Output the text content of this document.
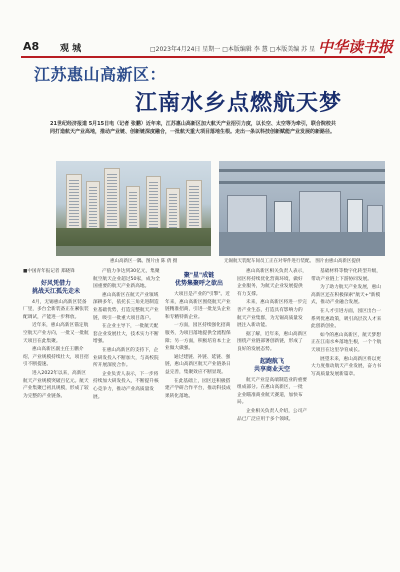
A8 观 城	□2023年4月24日 星期一 □本版编辑 李 慧 □本版美编 苏 星 中华读书报
江苏惠山高新区：
江南水乡点燃航天梦
21世纪经济报道 5月15日电（记者 张鹏）近年来，江苏惠山高新区加大航天产业招引力度，以长空、太空等为牵引，联合院校共同打造航天产业高地，推动产业链、创新链深度融合，一批航天重大项目落地生根。走出一条以科技创新赋能产业发展的新路径。
惠山高新区一隅。图片由 陈 倩 摄	无锡航天装配车间员工正在对零件进行装配。 图片由惠山高新区提供
■中国青年报记者 郑晓锋
好风凭借力
挑战天江孤先走未

4月，无锡惠山高新区装备厂里，多台全新装备正在紧张装配调试，产能进一步释放。

近年来，惠山高新区锚定航空航天产业方向，一批又一批航天项目在此集聚。

惠山高新区副主任王鹏介绍，产业规模持续壮大，项目招引不断提速。

进入2022年以来，高新区航天产业规模突破百亿元。航天产业集聚已初具规模，形成了较为完整的产业链条。

产值力争达到30亿元，集聚航空航天企业超过50家，成为全国重要的航天产业新高地。

惠山高新区在航天产业领域深耕多年，依托长三角先进制造业基础优势，打造完整航天产业链，吸引一批重大项目落户。

在企业主导下，一批航天配套企业发展壮大，技术实力不断增强。

在惠山高新区的支持下，企业研发投入不断加大，与高校院所开展深度合作。

企业负责人表示，下一步将持续加大研发投入，不断提升核心竞争力，推动产业高质量发展。

聚"星"成链
优势集聚呼之欲出

大项目是产业的"引擎"。近年来，惠山高新区围绕航天产业链精准招商，引进一批龙头企业和专精特新企业。

一方面，园区持续强化招商服务，为项目落地提供全流程保障；另一方面，积极培育本土企业做大做强。

通过建链、补链、延链、强链，惠山高新区航天产业链条日益完善，集聚效应不断显现。

在此基础上，园区还积极搭建产学研合作平台，推动科技成果转化落地。

惠山高新区相关负责人表示，园区将持续优化营商环境，做好企业服务，为航天企业发展提供有力支撑。

未来，惠山高新区将进一步完善产业生态，打造具有影响力的航天产业集群，为无锡高质量发展注入新动能。

据了解，近年来，惠山高新区围绕产业链部署创新链，形成了良好的发展态势。

起跑航飞
共享商业天空

航天产业是高端制造业的重要组成部分。在惠山高新区，一批企业瞄准商业航天赛道，加快布局。

企业相关负责人介绍，公司产品已广泛应用于多个领域。

基础材料等数字化转型升级，带动产业链上下游协同发展。

为了助力航天产业发展，惠山高新区还在积极探索"航天+"新模式，推动产业融合发展。

在人才引进方面，园区出台一系列优惠政策，吸引高层次人才来此创新创业。

如今的惠山高新区，航天梦想正在江南水乡落地生根，一个个航天项目在这里孕育成长。

展望未来，惠山高新区将以更大力度推动航天产业发展，奋力书写高质量发展新篇章。
